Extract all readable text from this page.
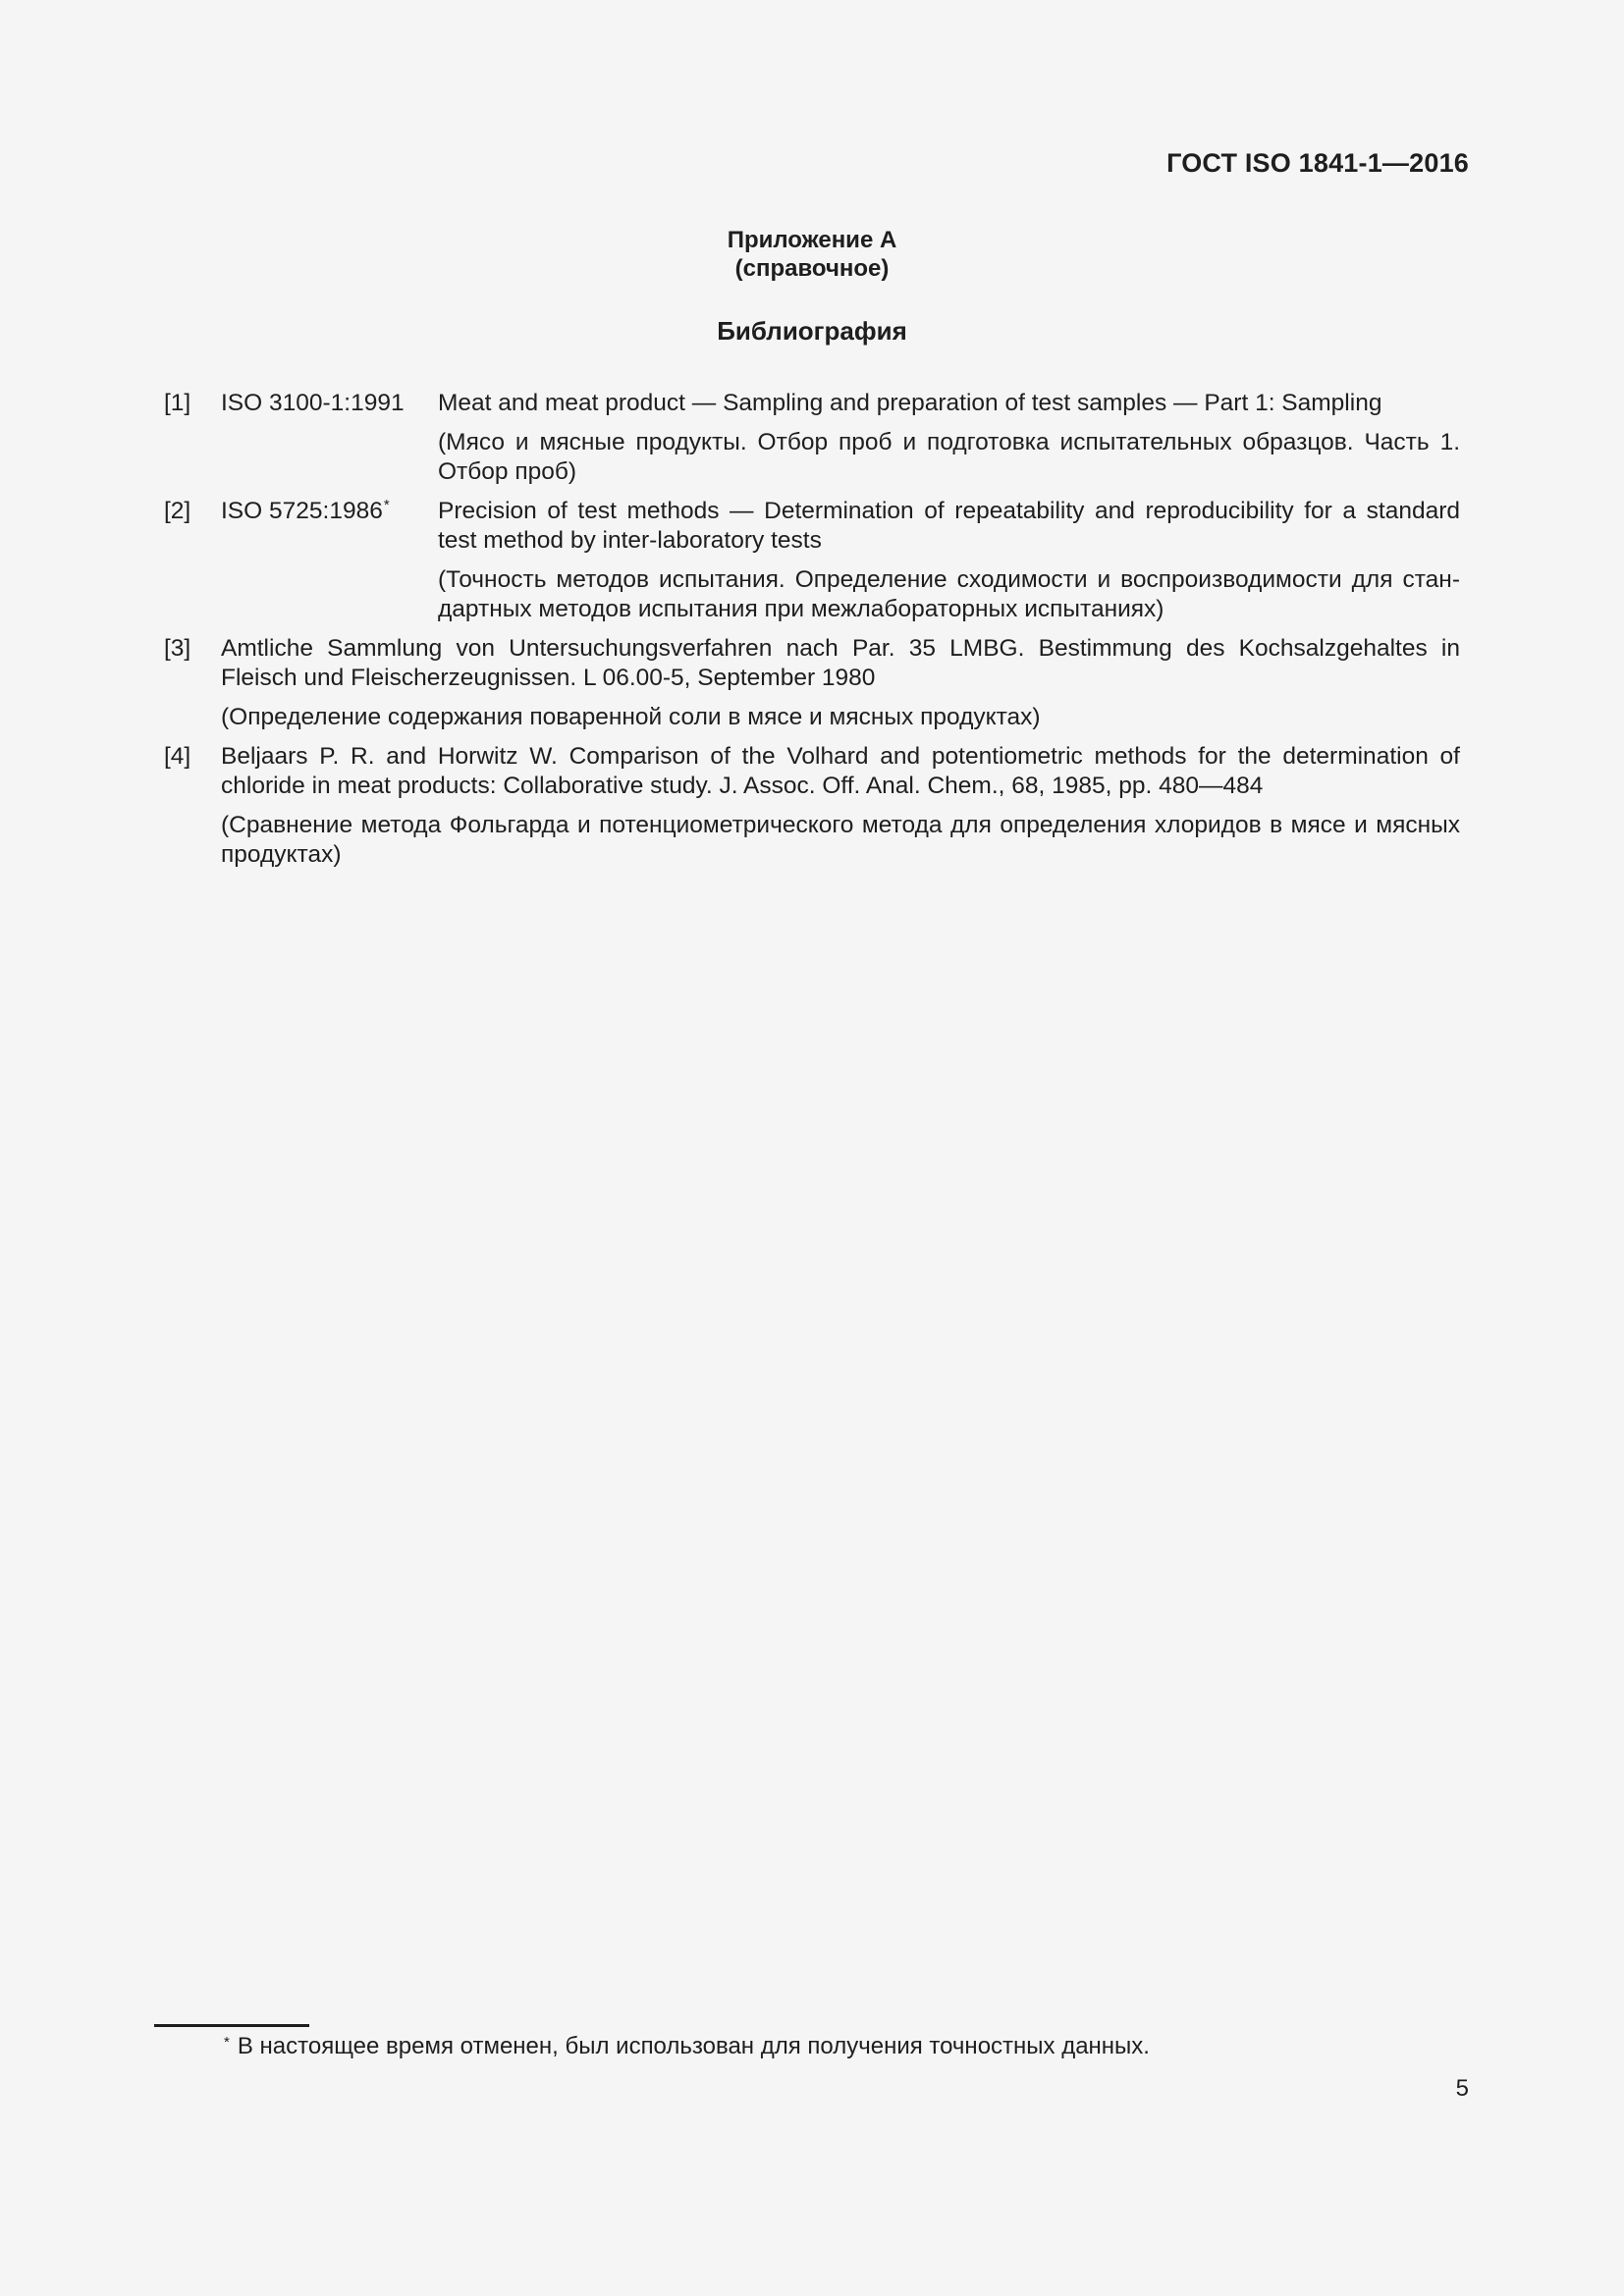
ГОСТ ISO 1841-1—2016
Приложение А
(справочное)
Библиография
[1] ISO 3100-1:1991 Meat and meat product — Sampling and preparation of test samples — Part 1: Sampling

(Мясо и мясные продукты. Отбор проб и подготовка испытательных образцов. Часть 1. Отбор проб)

[2] ISO 5725:1986* Precision of test methods — Determination of repeatability and reproducibility for a standard test method by inter-laboratory tests

(Точность методов испытания. Определение сходимости и воспроизводимости для стандартных методов испытания при межлабораторных испытаниях)

[3] Amtliche Sammlung von Untersuchungsverfahren nach Par. 35 LMBG. Bestimmung des Kochsalzgehaltes in Fleisch und Fleischerzeugnissen. L 06.00-5, September 1980

(Определение содержания поваренной соли в мясе и мясных продуктах)

[4] Beljaars P. R. and Horwitz W. Comparison of the Volhard and potentiometric methods for the determination of chloride in meat products: Collaborative study. J. Assoc. Off. Anal. Chem., 68, 1985, pp. 480—484

(Сравнение метода Фольгарда и потенциометрического метода для определения хлоридов в мясе и мясных продуктах)

* В настоящее время отменен, был использован для получения точностных данных.
5
